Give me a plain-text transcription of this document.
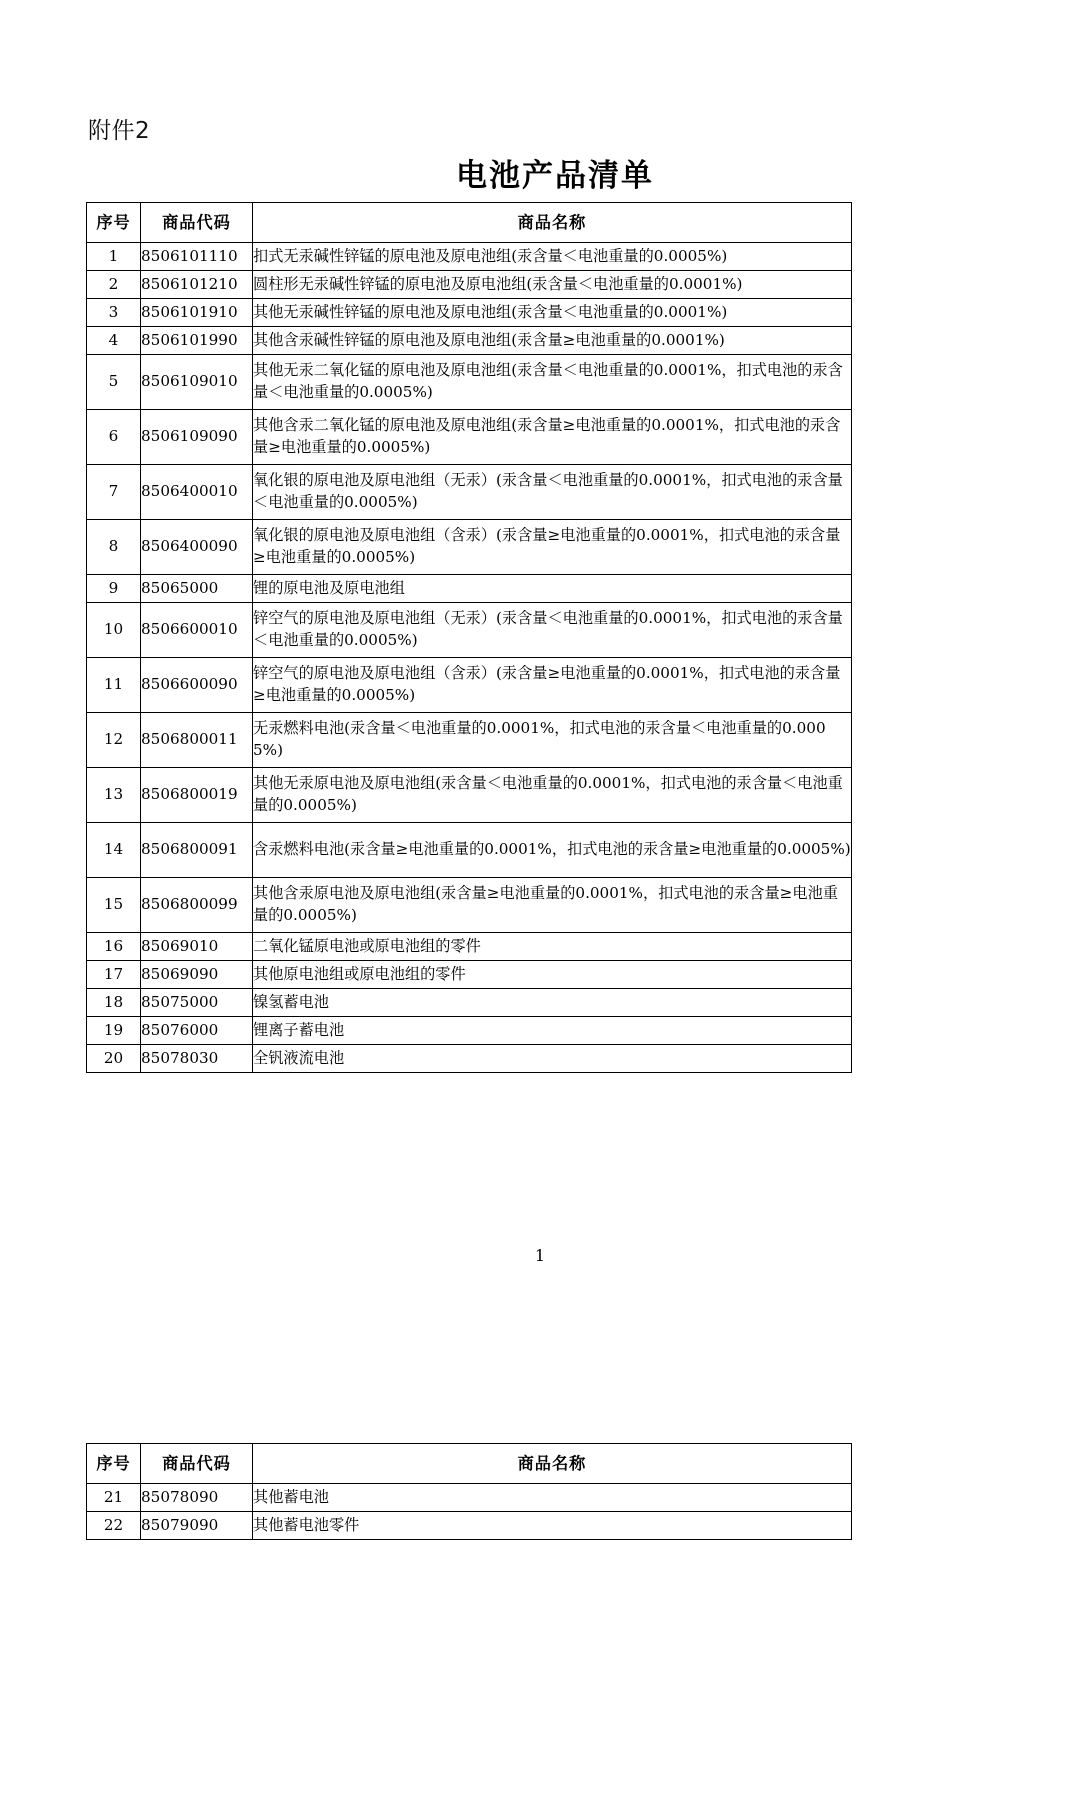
附件2
电池产品清单
序号	商品代码	商品名称
1	8506101110	扣式无汞碱性锌锰的原电池及原电池组(汞含量＜电池重量的0.0005%)
2	8506101210	圆柱形无汞碱性锌锰的原电池及原电池组(汞含量＜电池重量的0.0001%)
3	8506101910	其他无汞碱性锌锰的原电池及原电池组(汞含量＜电池重量的0.0001%)
4	8506101990	其他含汞碱性锌锰的原电池及原电池组(汞含量≥电池重量的0.0001%)
5	8506109010	其他无汞二氧化锰的原电池及原电池组(汞含量＜电池重量的0.0001%，扣式电池的汞含量＜电池重量的0.0005%)
6	8506109090	其他含汞二氧化锰的原电池及原电池组(汞含量≥电池重量的0.0001%，扣式电池的汞含量≥电池重量的0.0005%)
7	8506400010	氧化银的原电池及原电池组（无汞）(汞含量＜电池重量的0.0001%，扣式电池的汞含量＜电池重量的0.0005%)
8	8506400090	氧化银的原电池及原电池组（含汞）(汞含量≥电池重量的0.0001%，扣式电池的汞含量≥电池重量的0.0005%)
9	85065000	锂的原电池及原电池组
10	8506600010	锌空气的原电池及原电池组（无汞）(汞含量＜电池重量的0.0001%，扣式电池的汞含量＜电池重量的0.0005%)
11	8506600090	锌空气的原电池及原电池组（含汞）(汞含量≥电池重量的0.0001%，扣式电池的汞含量≥电池重量的0.0005%)
12	8506800011	无汞燃料电池(汞含量＜电池重量的0.0001%，扣式电池的汞含量＜电池重量的0.0005%)
13	8506800019	其他无汞原电池及原电池组(汞含量＜电池重量的0.0001%，扣式电池的汞含量＜电池重量的0.0005%)
14	8506800091	含汞燃料电池(汞含量≥电池重量的0.0001%，扣式电池的汞含量≥电池重量的0.0005%)
15	8506800099	其他含汞原电池及原电池组(汞含量≥电池重量的0.0001%，扣式电池的汞含量≥电池重量的0.0005%)
16	85069010	二氧化锰原电池或原电池组的零件
17	85069090	其他原电池组或原电池组的零件
18	85075000	镍氢蓄电池
19	85076000	锂离子蓄电池
20	85078030	全钒液流电池
1
序号	商品代码	商品名称
21	85078090	其他蓄电池
22	85079090	其他蓄电池零件
